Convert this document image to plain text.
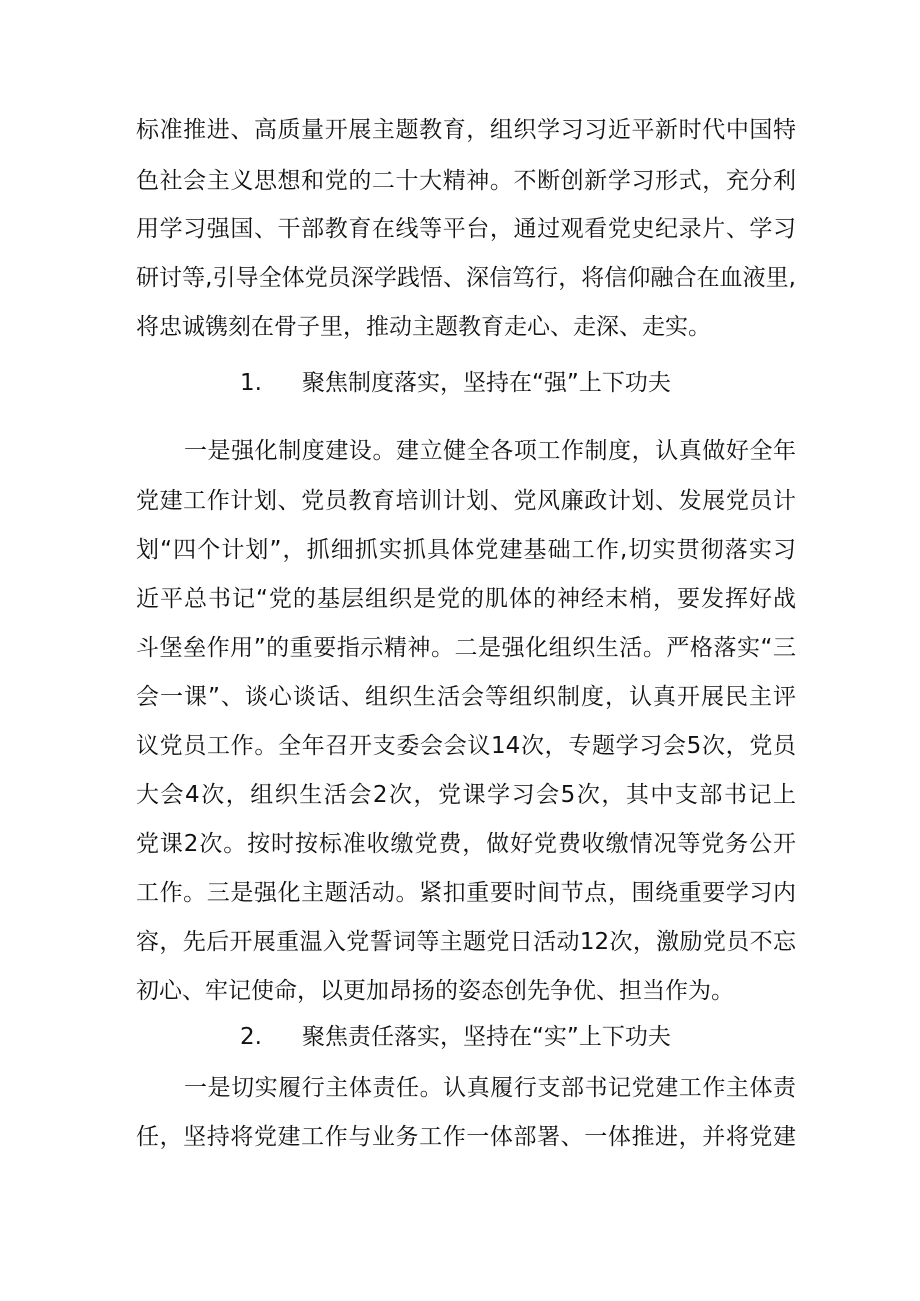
标准推进、高质量开展主题教育，组织学习习近平新时代中国特
色社会主义思想和党的二十大精神。不断创新学习形式，充分利
用学习强国、干部教育在线等平台，通过观看党史纪录片、学习
研讨等,引导全体党员深学践悟、深信笃行，将信仰融合在血液里,
将忠诚镌刻在骨子里，推动主题教育走心、走深、走实。
1. 聚焦制度落实，坚持在“强”上下功夫
一是强化制度建设。建立健全各项工作制度，认真做好全年
党建工作计划、党员教育培训计划、党风廉政计划、发展党员计
划“四个计划”，抓细抓实抓具体党建基础工作,切实贯彻落实习
近平总书记“党的基层组织是党的肌体的神经末梢，要发挥好战
斗堡垒作用”的重要指示精神。二是强化组织生活。严格落实“三
会一课”、谈心谈话、组织生活会等组织制度，认真开展民主评
议党员工作。全年召开支委会会议14次，专题学习会5次，党员
大会4次，组织生活会2次，党课学习会5次，其中支部书记上
党课2次。按时按标准收缴党费，做好党费收缴情况等党务公开
工作。三是强化主题活动。紧扣重要时间节点，围绕重要学习内
容，先后开展重温入党誓词等主题党日活动12次，激励党员不忘
初心、牢记使命，以更加昂扬的姿态创先争优、担当作为。
2. 聚焦责任落实，坚持在“实”上下功夫
一是切实履行主体责任。认真履行支部书记党建工作主体责
任，坚持将党建工作与业务工作一体部署、一体推进，并将党建
